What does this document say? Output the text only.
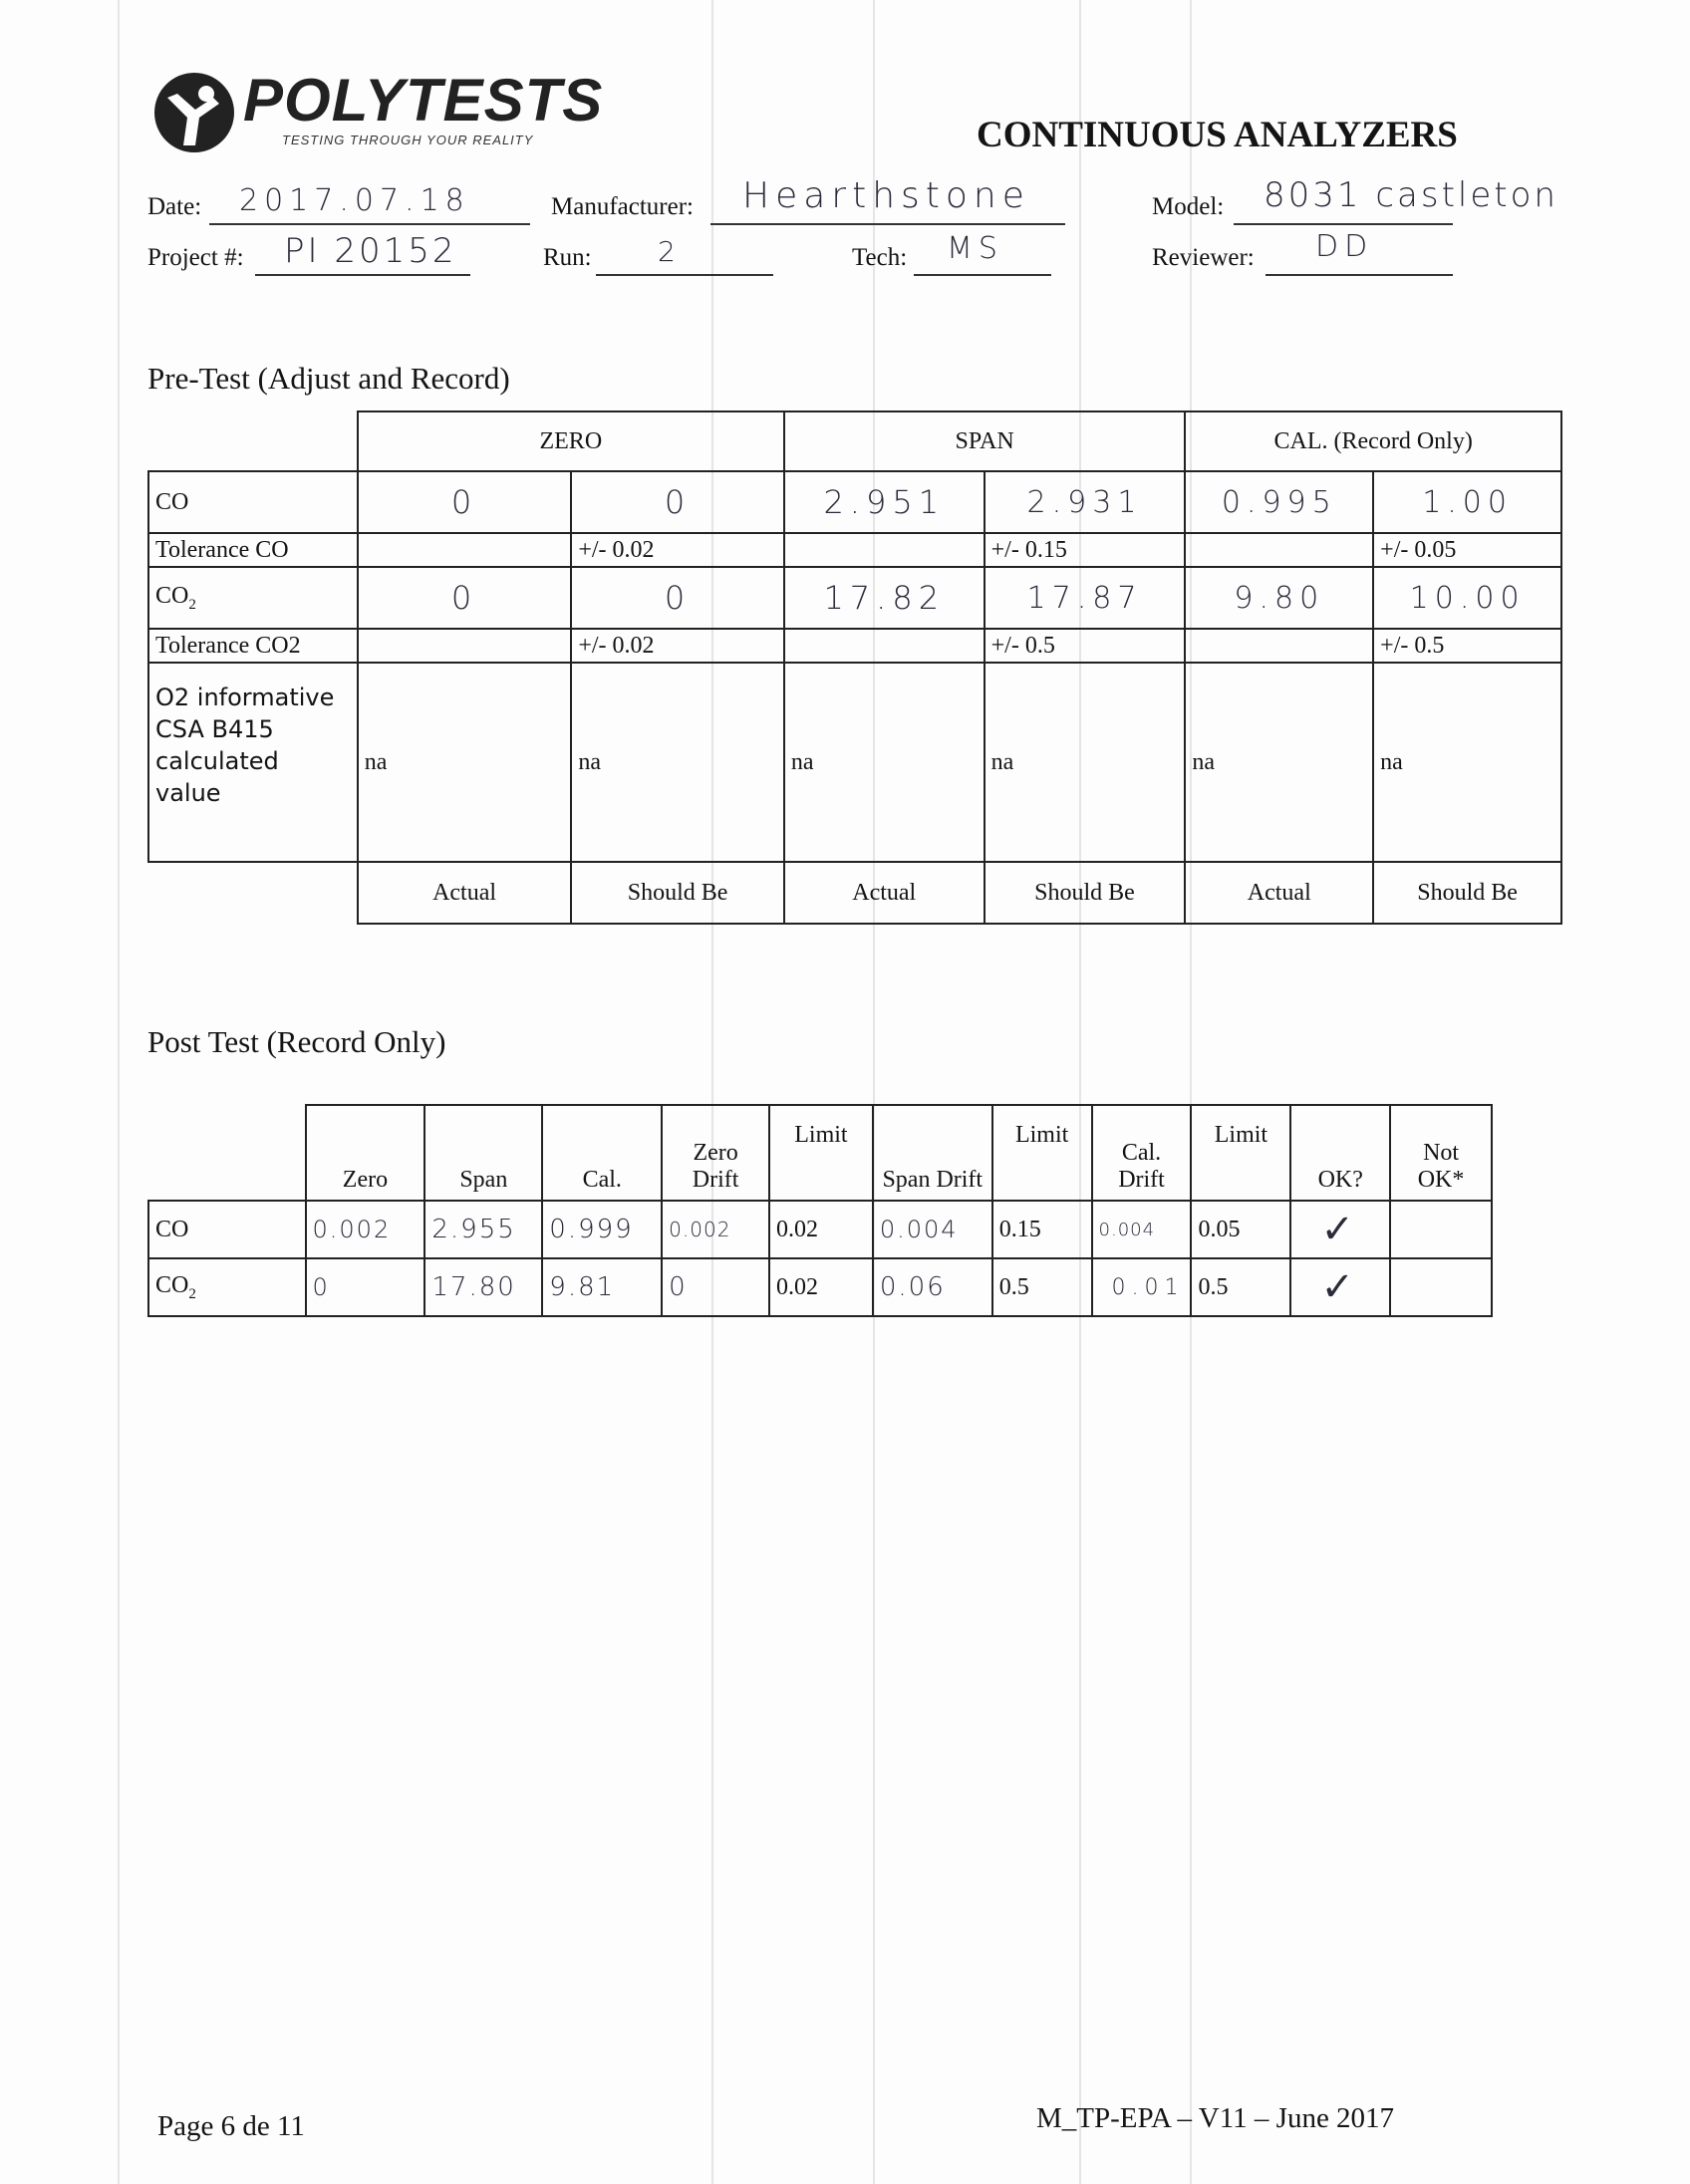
POLYTESTS
TESTING THROUGH YOUR REALITY	CONTINUOUS ANALYZERS
Date: 2017.07.18	Manufacturer: Hearthstone	Model: 8031 castleton
Project #: PI 20152	Run: 2	Tech: MS	Reviewer: DD
Pre-Test (Adjust and Record)
	ZERO		SPAN		CAL. (Record Only)	
CO	0	0	2.951	2.931	0.995	1.00
Tolerance CO		+/- 0.02		+/- 0.15		+/- 0.05
$CO_2$	0	0	17.82	17.87	9.80	10.00
Tolerance CO2		+/- 0.02		+/- 0.5		+/- 0.5
O2 informative CSA B415 calculated value	na	na	na	na	na	na
	Actual	Should Be	Actual	Should Be	Actual	Should Be
Post Test (Record Only)
	Zero	Span	Cal.	Zero Drift	Limit	Span Drift	Limit	Cal. Drift	Limit	OK?	Not OK*
CO	0.002	2.955	0.999	0.002	0.02	0.004	0.15	0.004	0.05	✓	
$CO_2$	0	17.80	9.81	0	0.02	0.06	0.5	0.01	0.5	✓	
Page 6 de 11	M_TP-EPA – V11 – June 2017
